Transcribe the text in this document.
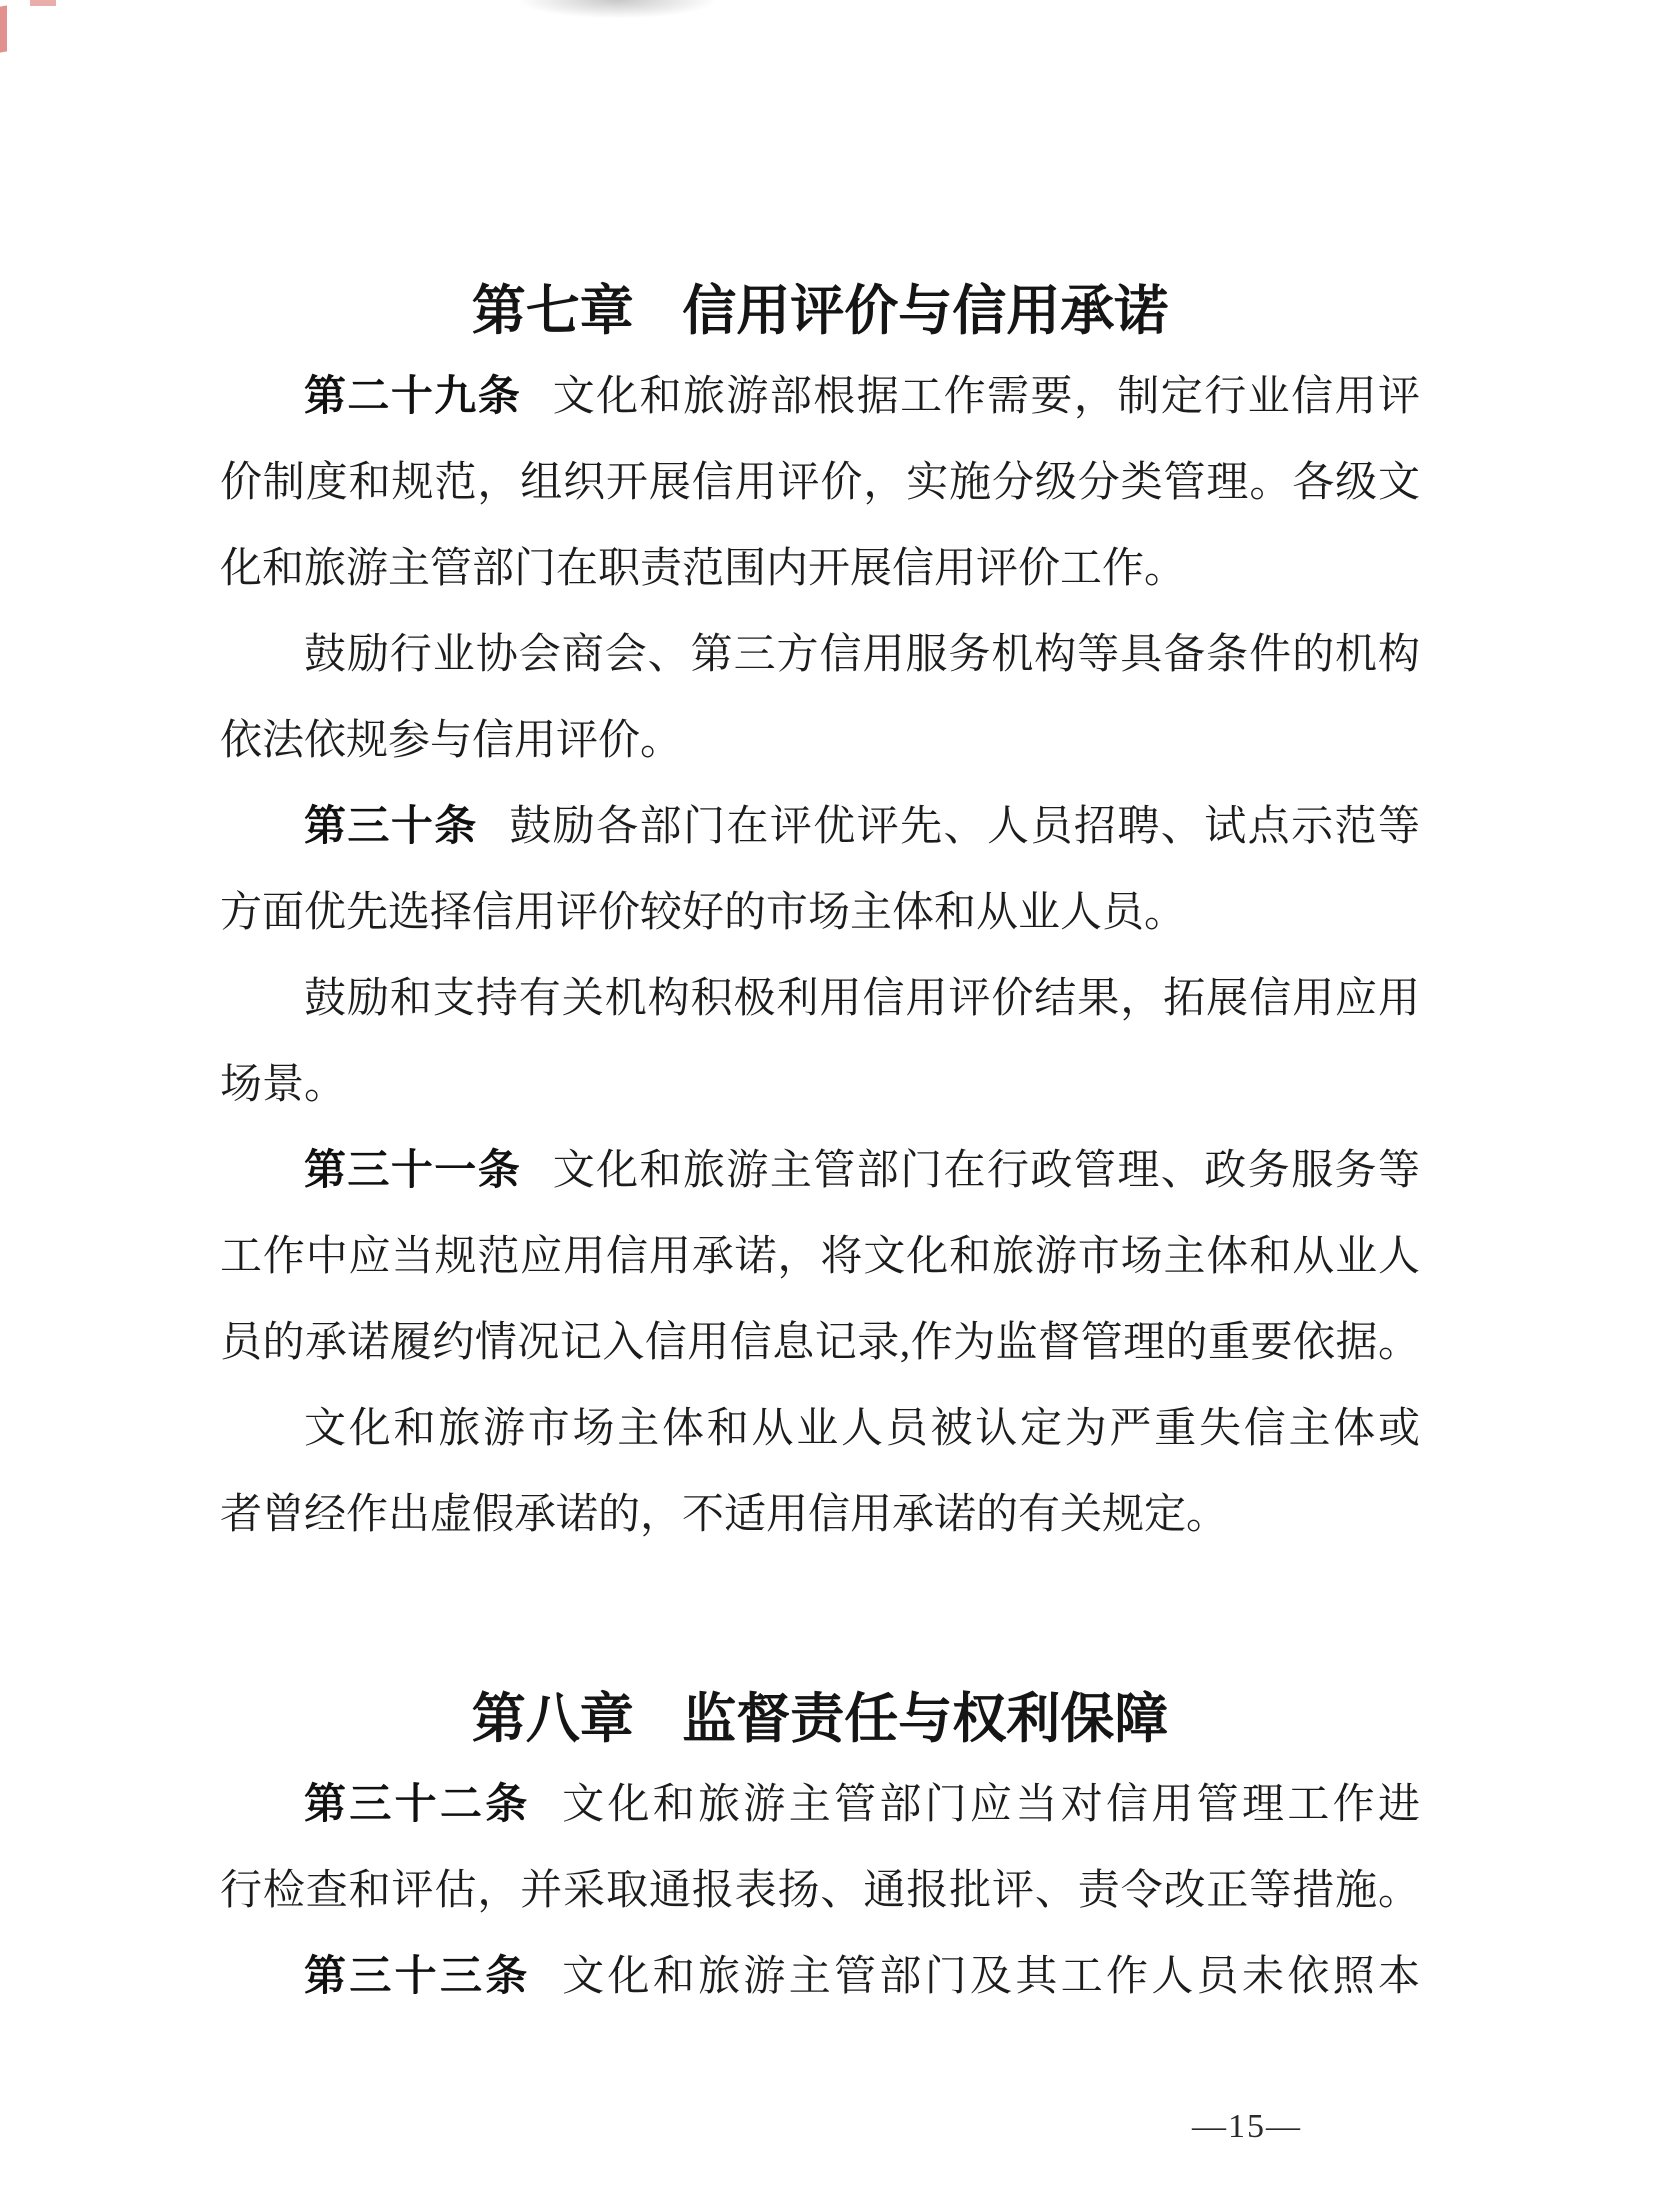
第七章 信用评价与信用承诺
第二十九条 文化和旅游部根据工作需要，制定行业信用评
价制度和规范，组织开展信用评价，实施分级分类管理。各级文
化和旅游主管部门在职责范围内开展信用评价工作。
鼓励行业协会商会、第三方信用服务机构等具备条件的机构
依法依规参与信用评价。
第三十条 鼓励各部门在评优评先、人员招聘、试点示范等
方面优先选择信用评价较好的市场主体和从业人员。
鼓励和支持有关机构积极利用信用评价结果，拓展信用应用
场景。
第三十一条 文化和旅游主管部门在行政管理、政务服务等
工作中应当规范应用信用承诺，将文化和旅游市场主体和从业人
员的承诺履约情况记入信用信息记录,作为监督管理的重要依据。
文化和旅游市场主体和从业人员被认定为严重失信主体或
者曾经作出虚假承诺的，不适用信用承诺的有关规定。
第八章 监督责任与权利保障
第三十二条 文化和旅游主管部门应当对信用管理工作进
行检查和评估，并采取通报表扬、通报批评、责令改正等措施。
第三十三条 文化和旅游主管部门及其工作人员未依照本
—15—
